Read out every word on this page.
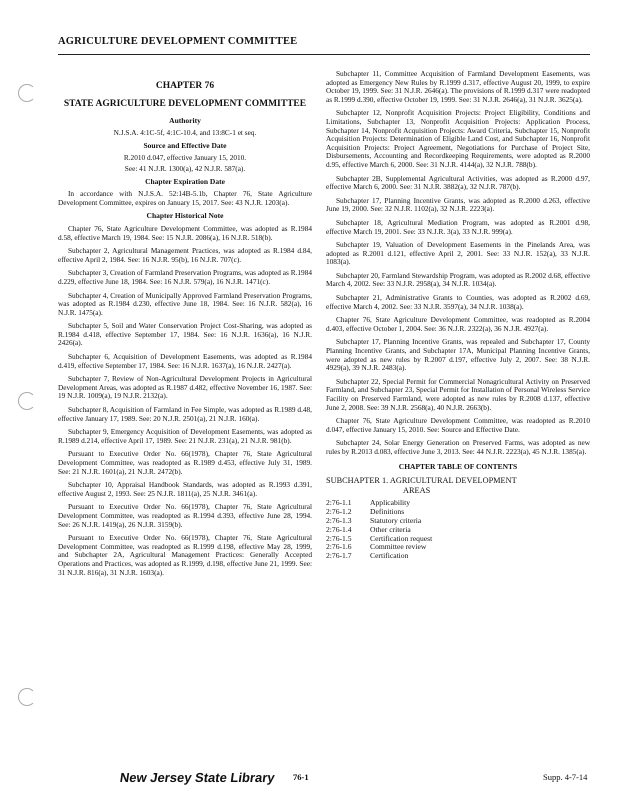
AGRICULTURE DEVELOPMENT COMMITTEE
CHAPTER 76
STATE AGRICULTURE DEVELOPMENT COMMITTEE
Authority
N.J.S.A. 4:1C-5f, 4:1C-10.4, and 13:8C-1 et seq.
Source and Effective Date
R.2010 d.047, effective January 15, 2010.
See: 41 N.J.R. 1300(a), 42 N.J.R. 587(a).
Chapter Expiration Date

In accordance with N.J.S.A. 52:14B-5.1b, Chapter 76, State Agriculture Development Committee, expires on January 15, 2017. See: 43 N.J.R. 1203(a).

Chapter Historical Note

Chapter 76, State Agriculture Development Committee, was adopted as R.1984 d.58, effective March 19, 1984. See: 15 N.J.R. 2086(a), 16 N.J.R. 518(b).

Subchapter 2, Agricultural Management Practices, was adopted as R.1984 d.84, effective April 2, 1984. See: 16 N.J.R. 95(b), 16 N.J.R. 707(c).

Subchapter 3, Creation of Farmland Preservation Programs, was adopted as R.1984 d.229, effective June 18, 1984. See: 16 N.J.R. 579(a), 16 N.J.R. 1471(c).

Subchapter 4, Creation of Municipally Approved Farmland Preservation Programs, was adopted as R.1984 d.230, effective June 18, 1984. See: 16 N.J.R. 582(a), 16 N.J.R. 1475(a).

Subchapter 5, Soil and Water Conservation Project Cost-Sharing, was adopted as R.1984 d.418, effective September 17, 1984. See: 16 N.J.R. 1636(a), 16 N.J.R. 2426(a).

Subchapter 6, Acquisition of Development Easements, was adopted as R.1984 d.419, effective September 17, 1984. See: 16 N.J.R. 1637(a), 16 N.J.R. 2427(a).

Subchapter 7, Review of Non-Agricultural Development Projects in Agricultural Development Areas, was adopted as R.1987 d.482, effective November 16, 1987. See: 19 N.J.R. 1009(a), 19 N.J.R. 2132(a).

Subchapter 8, Acquisition of Farmland in Fee Simple, was adopted as R.1989 d.48, effective January 17, 1989. See: 20 N.J.R. 2501(a), 21 N.J.R. 160(a).

Subchapter 9, Emergency Acquisition of Development Easements, was adopted as R.1989 d.214, effective April 17, 1989. See: 21 N.J.R. 231(a), 21 N.J.R. 981(b).

Pursuant to Executive Order No. 66(1978), Chapter 76, State Agricultural Development Committee, was readopted as R.1989 d.453, effective July 31, 1989. See: 21 N.J.R. 1601(a), 21 N.J.R. 2472(b).

Subchapter 10, Appraisal Handbook Standards, was adopted as R.1993 d.391, effective August 2, 1993. See: 25 N.J.R. 1811(a), 25 N.J.R. 3461(a).

Pursuant to Executive Order No. 66(1978), Chapter 76, State Agricultural Development Committee, was readopted as R.1994 d.393, effective June 28, 1994. See: 26 N.J.R. 1419(a), 26 N.J.R. 3159(b).

Pursuant to Executive Order No. 66(1978), Chapter 76, State Agricultural Development Committee, was readopted as R.1999 d.198, effective May 28, 1999, and Subchapter 2A, Agricultural Management Practices: Generally Accepted Operations and Practices, was adopted as R.1999, d.198, effective June 21, 1999. See: 31 N.J.R. 816(a), 31 N.J.R. 1603(a).

Subchapter 11, Committee Acquisition of Farmland Development Easements, was adopted as Emergency New Rules by R.1999 d.317, effective August 20, 1999, to expire October 19, 1999. See: 31 N.J.R. 2646(a). The provisions of R.1999 d.317 were readopted as R.1999 d.390, effective October 19, 1999. See: 31 N.J.R. 2646(a), 31 N.J.R. 3625(a).

Subchapter 12, Nonprofit Acquisition Projects: Project Eligibility, Conditions and Limitations, Subchapter 13, Nonprofit Acquisition Projects: Application Process, Subchapter 14, Nonprofit Acquisition Projects: Award Criteria, Subchapter 15, Nonprofit Acquisition Projects: Determination of Eligible Land Cost, and Subchapter 16, Nonprofit Acquisition Projects: Project Agreement, Negotiations for Purchase of Project Site, Disbursements, Accounting and Recordkeeping Requirements, were adopted as R.2000 d.95, effective March 6, 2000. See: 31 N.J.R. 4144(a), 32 N.J.R. 788(b).

Subchapter 2B, Supplemental Agricultural Activities, was adopted as R.2000 d.97, effective March 6, 2000. See: 31 N.J.R. 3882(a), 32 N.J.R. 787(b).

Subchapter 17, Planning Incentive Grants, was adopted as R.2000 d.263, effective June 19, 2000. See: 32 N.J.R. 1102(a), 32 N.J.R. 2223(a).

Subchapter 18, Agricultural Mediation Program, was adopted as R.2001 d.98, effective March 19, 2001. See: 33 N.J.R. 3(a), 33 N.J.R. 999(a).

Subchapter 19, Valuation of Development Easements in the Pinelands Area, was adopted as R.2001 d.121, effective April 2, 2001. See: 33 N.J.R. 152(a), 33 N.J.R. 1083(a).

Subchapter 20, Farmland Stewardship Program, was adopted as R.2002 d.68, effective March 4, 2002. See: 33 N.J.R. 2958(a), 34 N.J.R. 1034(a).

Subchapter 21, Administrative Grants to Counties, was adopted as R.2002 d.69, effective March 4, 2002. See: 33 N.J.R. 3597(a), 34 N.J.R. 1038(a).

Chapter 76, State Agriculture Development Committee, was readopted as R.2004 d.403, effective October 1, 2004. See: 36 N.J.R. 2322(a), 36 N.J.R. 4927(a).

Subchapter 17, Planning Incentive Grants, was repealed and Subchapter 17, County Planning Incentive Grants, and Subchapter 17A, Municipal Planning Incentive Grants, were adopted as new rules by R.2007 d.197, effective July 2, 2007. See: 38 N.J.R. 4929(a), 39 N.J.R. 2483(a).

Subchapter 22, Special Permit for Commercial Nonagricultural Activity on Preserved Farmland, and Subchapter 23, Special Permit for Installation of Personal Wireless Service Facility on Preserved Farmland, were adopted as new rules by R.2008 d.137, effective June 2, 2008. See: 39 N.J.R. 2568(a), 40 N.J.R. 2663(b).

Chapter 76, State Agriculture Development Committee, was readopted as R.2010 d.047, effective January 15, 2010. See: Source and Effective Date.

Subchapter 24, Solar Energy Generation on Preserved Farms, was adopted as new rules by R.2013 d.083, effective June 3, 2013. See: 44 N.J.R. 2223(a), 45 N.J.R. 1385(a).

CHAPTER TABLE OF CONTENTS
SUBCHAPTER 1. AGRICULTURAL DEVELOPMENT
AREAS
2:76-1.1	Applicability
2:76-1.2	Definitions
2:76-1.3	Statutory criteria
2:76-1.4	Other criteria
2:76-1.5	Certification request
2:76-1.6	Committee review
2:76-1.7	Certification
New Jersey State Library 76-1	Supp. 4-7-14
